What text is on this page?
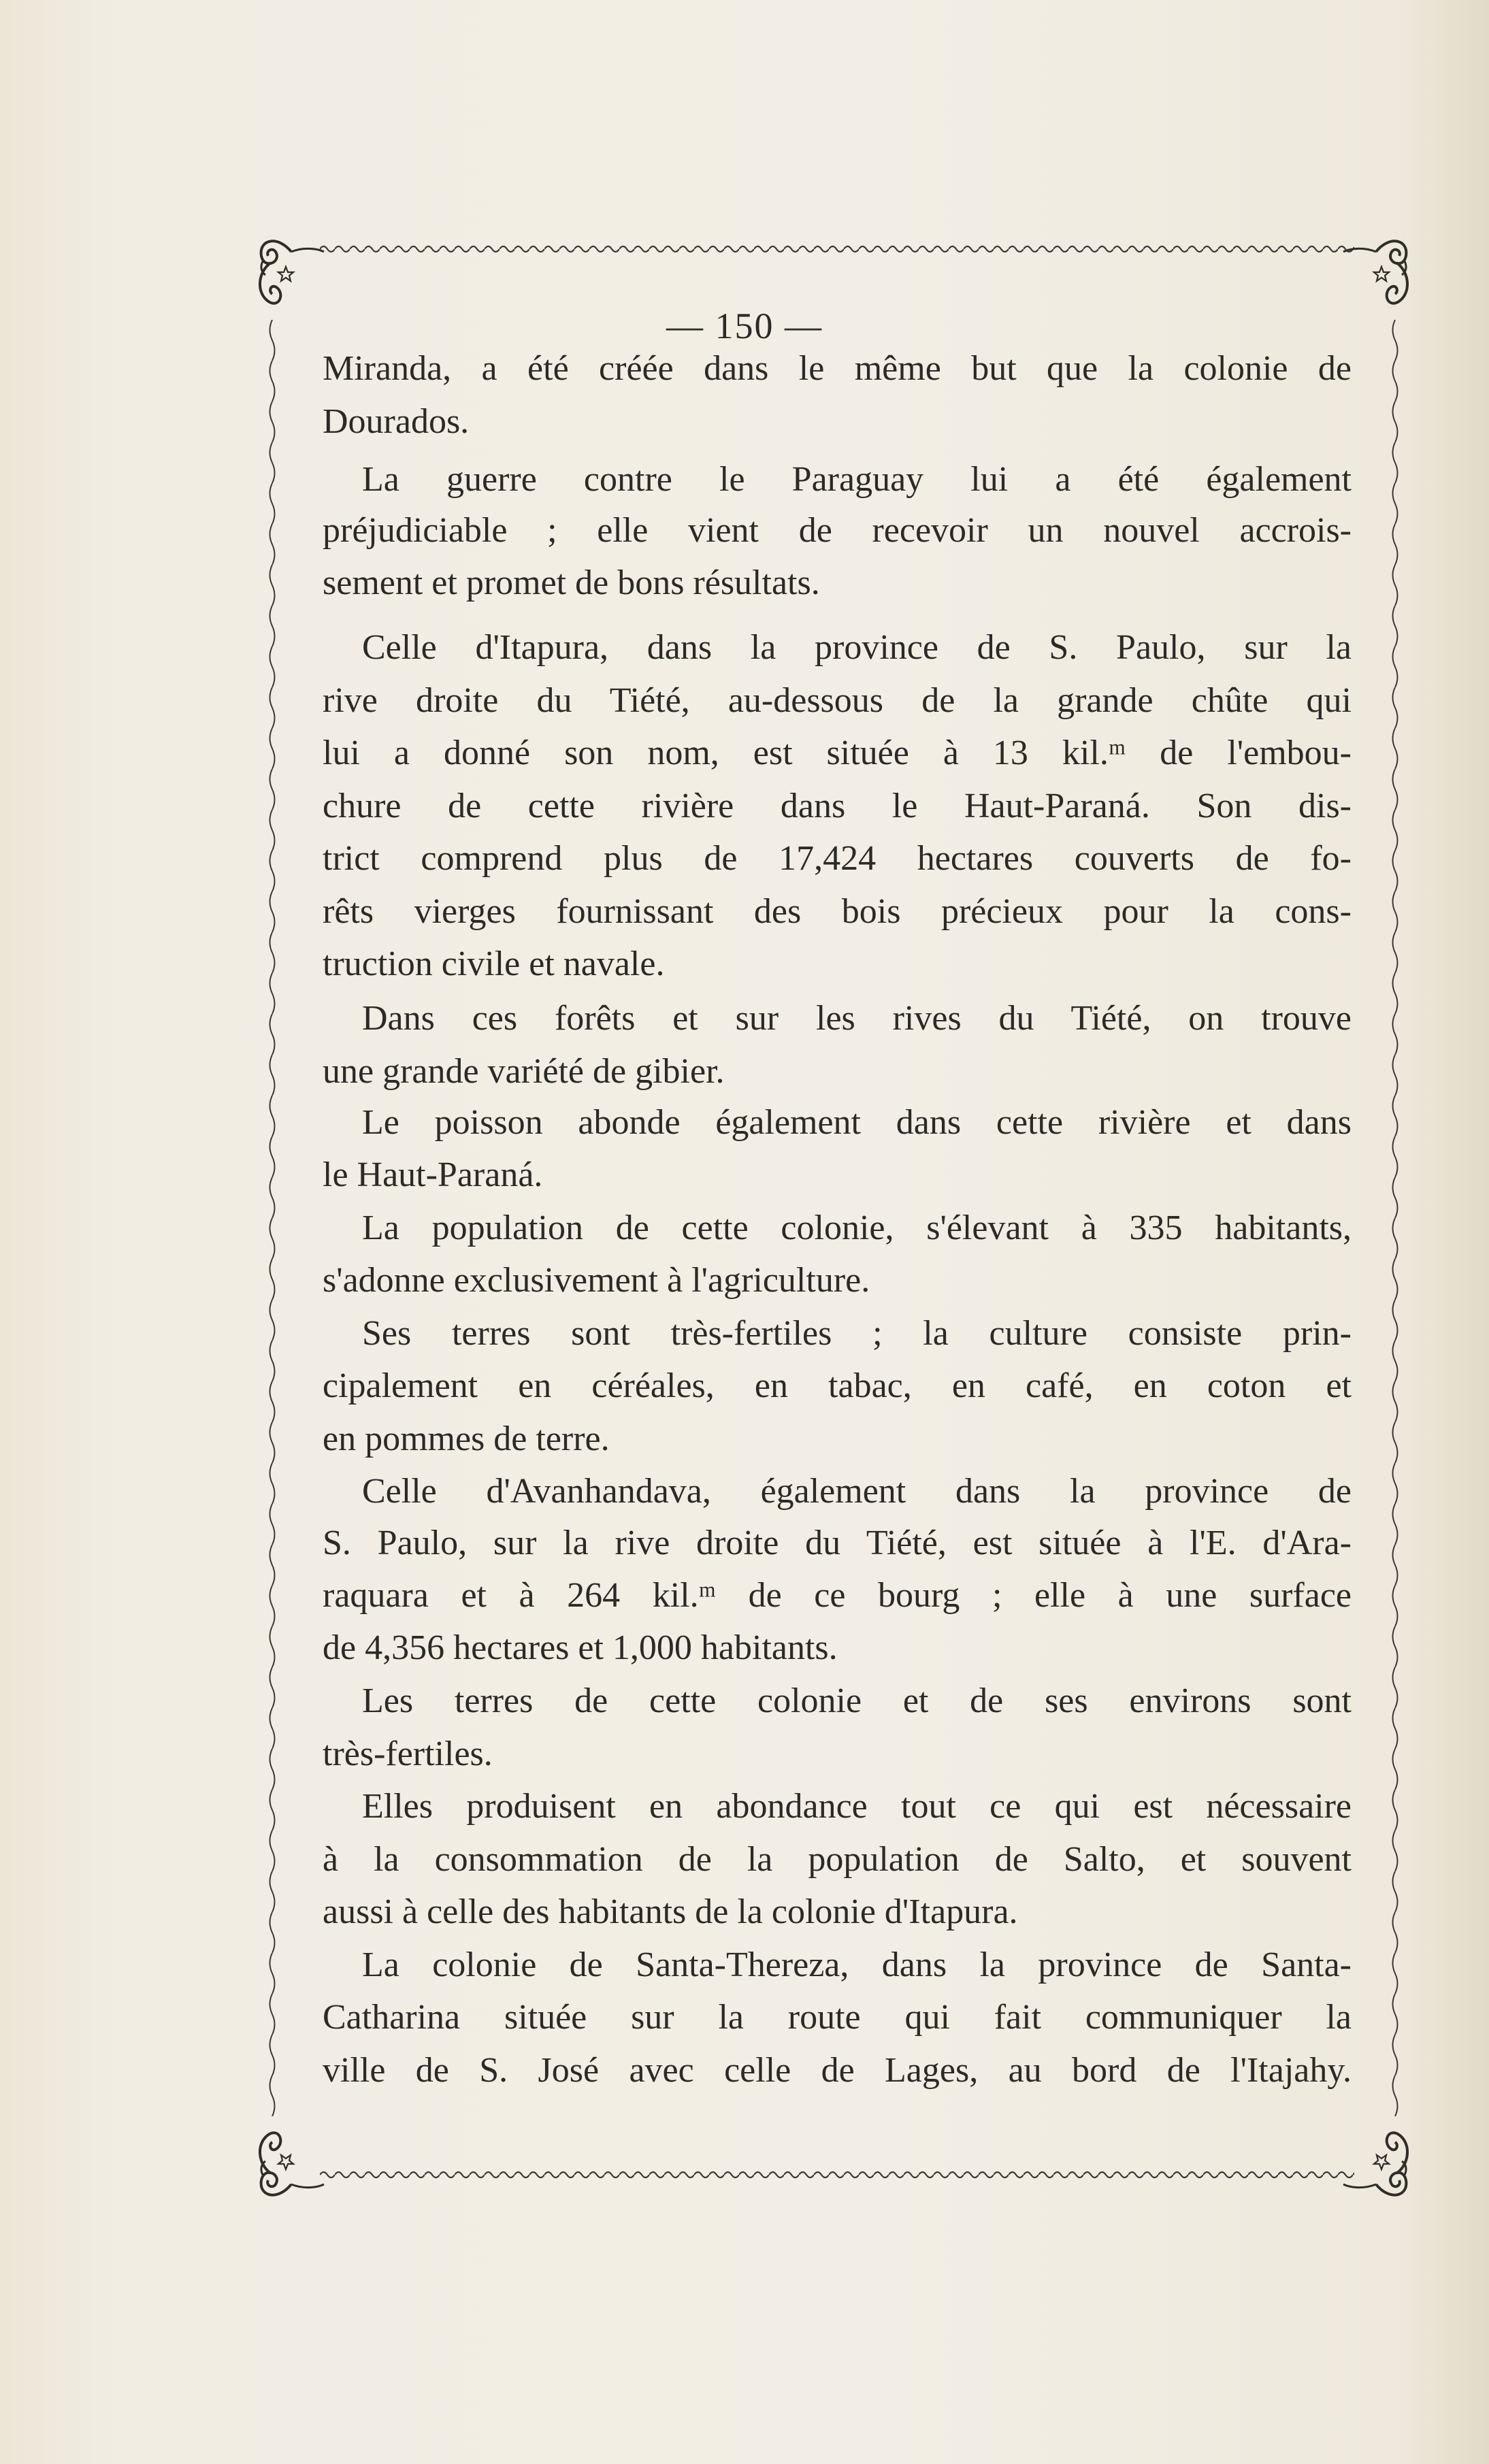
— 150 —
Miranda, a été créée dans le même but que la colonie de
Dourados.
La guerre contre le Paraguay lui a été également
préjudiciable ; elle vient de recevoir un nouvel accrois-
sement et promet de bons résultats.
Celle d'Itapura, dans la province de S. Paulo, sur la
rive droite du Tiété, au-dessous de la grande chûte qui
lui a donné son nom, est située à 13 kil.ᵐ de l'embou-
chure de cette rivière dans le Haut-Paraná. Son dis-
trict comprend plus de 17,424 hectares couverts de fo-
rêts vierges fournissant des bois précieux pour la cons-
truction civile et navale.
Dans ces forêts et sur les rives du Tiété, on trouve
une grande variété de gibier.
Le poisson abonde également dans cette rivière et dans
le Haut-Paraná.
La population de cette colonie, s'élevant à 335 habitants,
s'adonne exclusivement à l'agriculture.
Ses terres sont très-fertiles ; la culture consiste prin-
cipalement en céréales, en tabac, en café, en coton et
en pommes de terre.
Celle d'Avanhandava, également dans la province de
S. Paulo, sur la rive droite du Tiété, est située à l'E. d'Ara-
raquara et à 264 kil.ᵐ de ce bourg ; elle à une surface
de 4,356 hectares et 1,000 habitants.
Les terres de cette colonie et de ses environs sont
très-fertiles.
Elles produisent en abondance tout ce qui est nécessaire
à la consommation de la population de Salto, et souvent
aussi à celle des habitants de la colonie d'Itapura.
La colonie de Santa-Thereza, dans la province de Santa-
Catharina située sur la route qui fait communiquer la
ville de S. José avec celle de Lages, au bord de l'Itajahy.
